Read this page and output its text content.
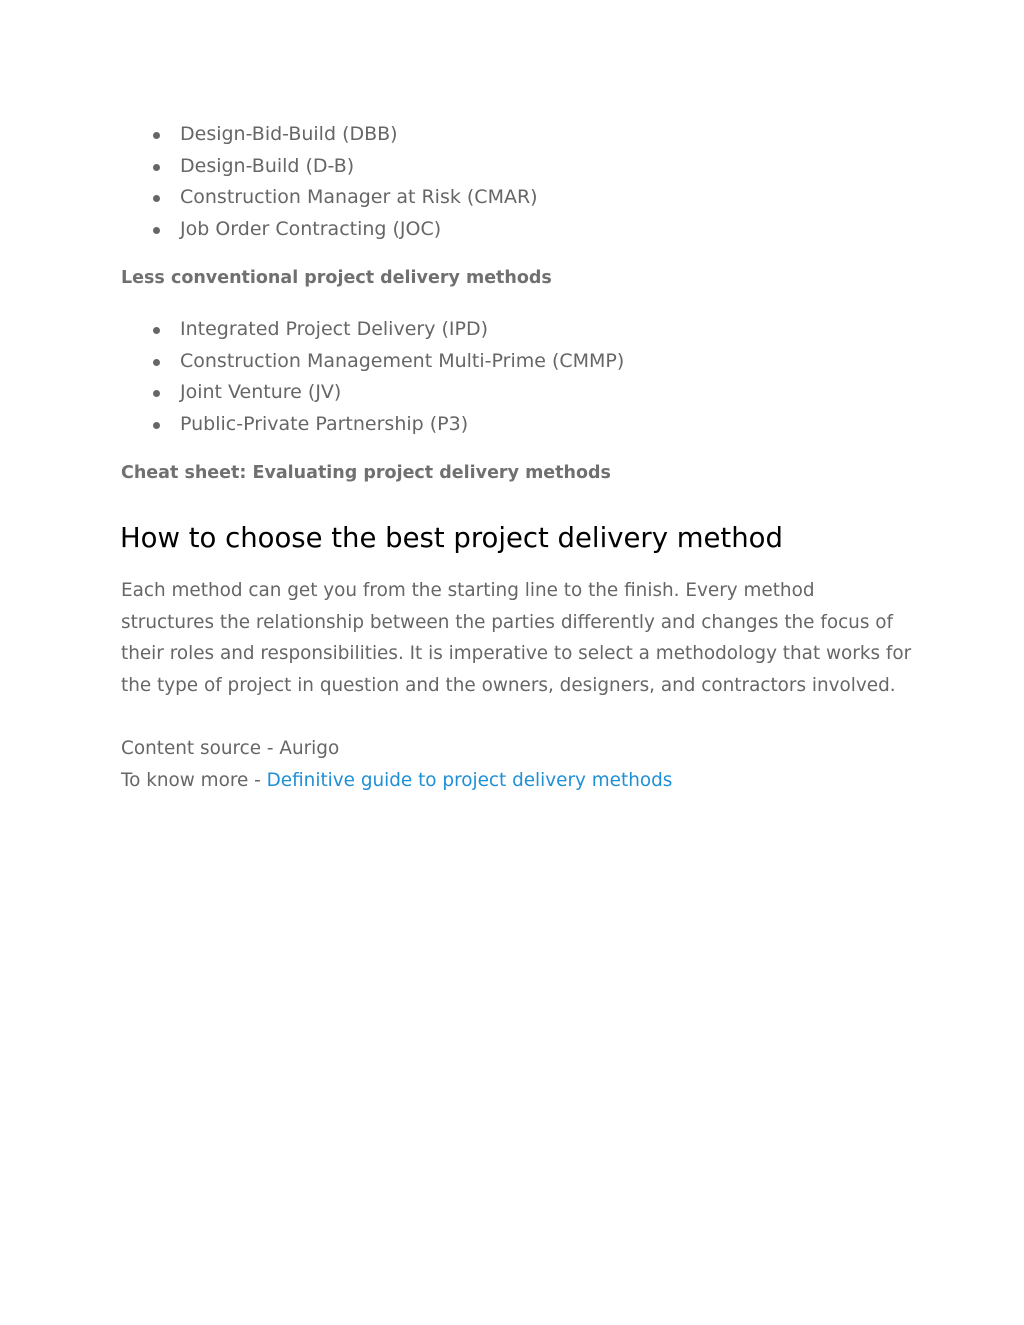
Design-Bid-Build (DBB)
Design-Build (D-B)
Construction Manager at Risk (CMAR)
Job Order Contracting (JOC)
Less conventional project delivery methods
Integrated Project Delivery (IPD)
Construction Management Multi-Prime (CMMP)
Joint Venture (JV)
Public-Private Partnership (P3)
Cheat sheet: Evaluating project delivery methods
How to choose the best project delivery method

Each method can get you from the starting line to the finish. Every method
structures the relationship between the parties differently and changes the focus of
their roles and responsibilities. It is imperative to select a methodology that works for
the type of project in question and the owners, designers, and contractors involved.

Content source - Aurigo
To know more - Definitive guide to project delivery methods
